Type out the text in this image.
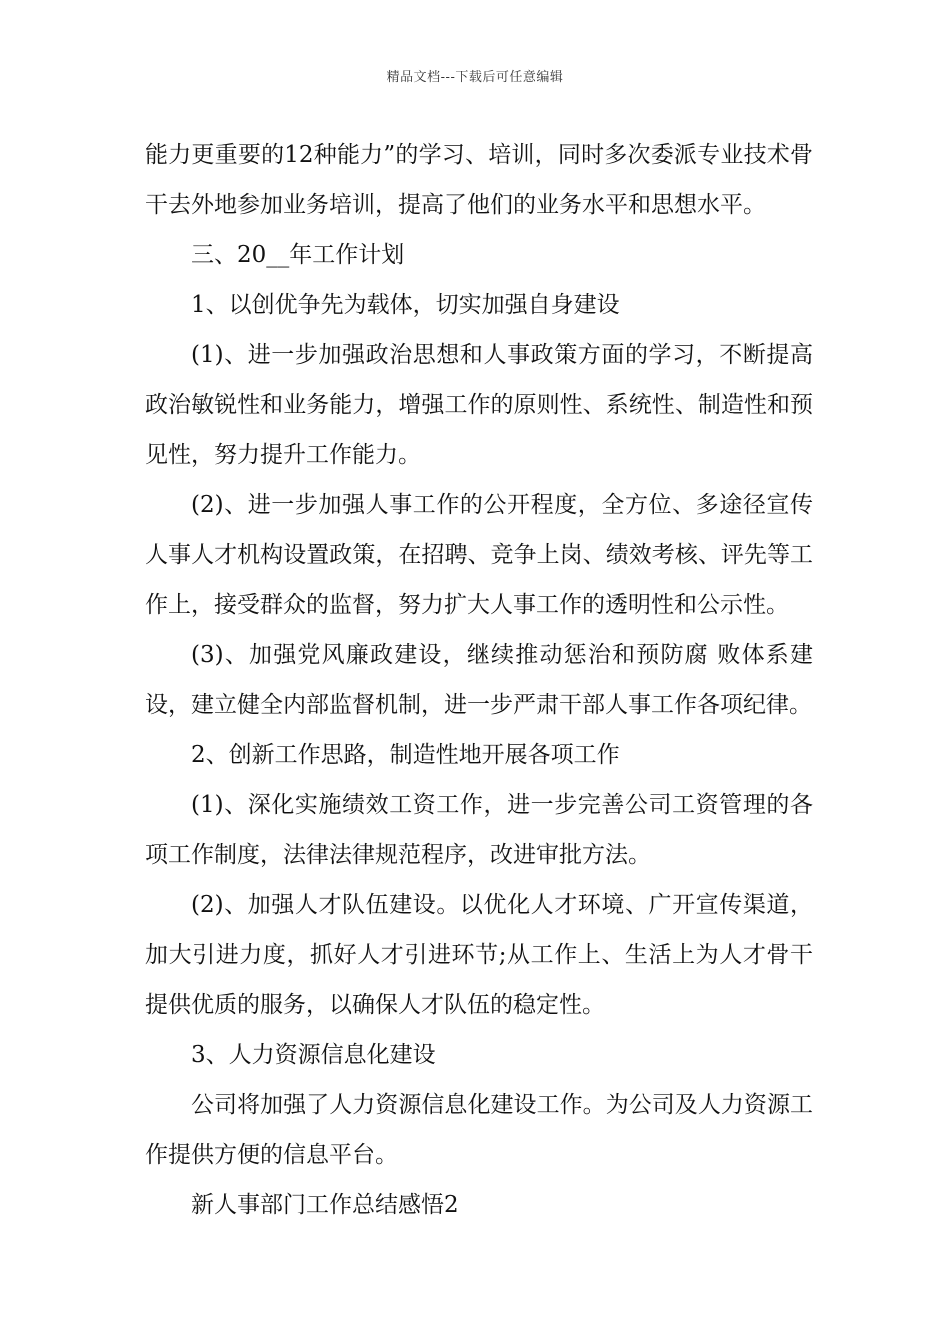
精品文档---下载后可任意编辑

能力更重要的12种能力”的学习、培训，同时多次委派专业技术骨干去外地参加业务培训，提高了他们的业务水平和思想水平。

三、20__年工作计划

1、以创优争先为载体，切实加强自身建设

(1)、进一步加强政治思想和人事政策方面的学习，不断提高政治敏锐性和业务能力，增强工作的原则性、系统性、制造性和预见性，努力提升工作能力。

(2)、进一步加强人事工作的公开程度，全方位、多途径宣传人事人才机构设置政策，在招聘、竞争上岗、绩效考核、评先等工作上，接受群众的监督，努力扩大人事工作的透明性和公示性。

(3)、加强党风廉政建设，继续推动惩治和预防腐 败体系建设，建立健全内部监督机制，进一步严肃干部人事工作各项纪律。

2、创新工作思路，制造性地开展各项工作

(1)、深化实施绩效工资工作，进一步完善公司工资管理的各项工作制度，法律法律规范程序，改进审批方法。

(2)、加强人才队伍建设。以优化人才环境、广开宣传渠道，加大引进力度，抓好人才引进环节;从工作上、生活上为人才骨干提供优质的服务，以确保人才队伍的稳定性。

3、人力资源信息化建设

公司将加强了人力资源信息化建设工作。为公司及人力资源工作提供方便的信息平台。

新人事部门工作总结感悟2
